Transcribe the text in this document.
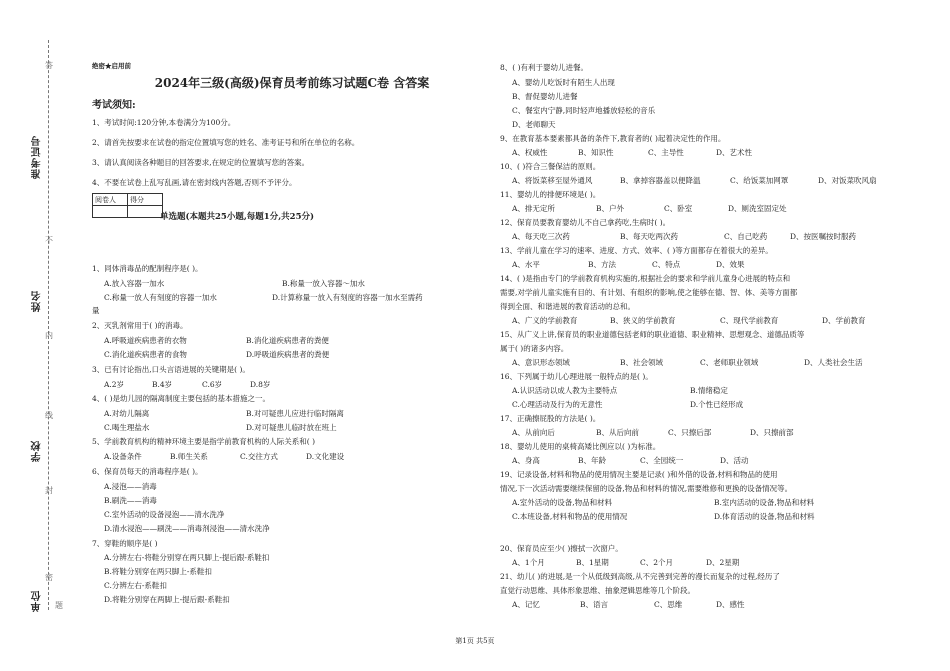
准考证号
姓名
学校
单位
答
不
内
线
封
密
题
绝密★启用前
2024年三级(高级)保育员考前练习试题C卷 含答案
考试须知:
1、考试时间:120分钟,本卷满分为100分。
2、请首先按要求在试卷的指定位置填写您的姓名、准考证号和所在单位的名称。
3、请认真阅读各种题目的回答要求,在规定的位置填写您的答案。
4、不要在试卷上乱写乱画,请在密封线内答题,否则不予评分。
阅卷人	得分

单选题(本题共25小题,每题1分,共25分)
1、同体消毒品的配制程序是( )。
A.放入容器一加水	B.称量一放入容器～加水
C.称量一放人有刻度的容器一加水	D.计算称量一放入有刻度的容器一加水至需药
量
2、灭乳剂常用于( )的消毒。
A.呼吸道疾病患者的衣物	B.消化道疾病患者的粪便
C.消化道疾病患者的食物	D.呼吸道疾病患者的粪便
3、已有讨论指出,口头言语进展的关键期是( )。
A.2岁	B.4岁	C.6岁	D.8岁
4、( )是幼儿园的隔离制度主要包括的基本措施之一。
A.对幼儿隔离	B.对可疑患儿应进行临时隔离
C.喝生理盐水	D.对可疑患儿临时放在班上
5、学前教育机构的精神环境主要是指学前教育机构的人际关系和( )
A.设备条件	B.师生关系	C.交往方式	D.文化建设
6、保育员每天的消毒程序是( )。
A.浸泡——消毒
B.刷洗——消毒
C.室外活动的设备浸泡——清水洗净
D.清水浸泡——刷洗——消毒剂浸泡——清水洗净
7、穿鞋的顺序是( )
A.分辨左右-将鞋分别穿在两只脚上-提后跟-系鞋扣
B.将鞋分别穿在两只脚上-系鞋扣
C.分辨左右-系鞋扣
D.将鞋分别穿在两脚上-提后跟-系鞋扣
8、( )有利于婴幼儿进餐。
A、婴幼儿吃饭时有陌生人出现
B、督促婴幼儿进餐
C、餐室内宁静,同时轻声地播放轻松的音乐
D、老师聊天
9、在教育基本要素都具备的条件下,教育者的( )起着决定性的作用。
A、权威性	B、知识性	C、主导性	D、艺术性
10、( )符合三餐保洁的原则。
A、将饭菜移至屋外通风	B、拿掉容器盖以便降温	C、给饭菜加网罩	D、对饭菜吹风扇
11、婴幼儿的排便环境是( )。
A、排无定所	B、户外	C、卧室	D、厕洗室固定处
12、保育员要教育婴幼儿不自己拿药吃,生病时( )。
A、每天吃三次药	B、每天吃两次药	C、自己吃药	D、按医嘱按时服药
13、学前儿童在学习的速率、进度、方式、效率、( )等方面都存在着很大的差异。
A、水平	B、方法	C、特点	D、效果
14、( )是指由专门的学前教育机构实施的,根据社会的要求和学前儿童身心进展的特点和
需要,对学前儿童实施有目的、有计划、有组织的影响,使之能够在德、智、体、美等方面都
得到全面、和谐进展的教育活动的总和。
A、广义的学前教育	B、狭义的学前教育	C、现代学前教育	D、学前教育
15、从广义上讲,保育员的职业道德包括老师的职业道德、职业精神、思想观念、道德品质等
属于( )的诸多内容。
A、意识形态领域	B、社会领域	C、老师职业领域	D、人类社会生活
16、下列属于幼儿心理进展一般特点的是( )。
A.认识活动以成人教为主要特点	B.情绪稳定
C.心理活动及行为的无意性	D.个性已经形成
17、正确擦屁股的方法是( )。
A、从前向后	B、从后向前	C、只擦后部	D、只擦前部
18、婴幼儿使用的桌椅高矮比例应以( )为标准。
A、身高	B、年龄	C、全园统一	D、活动
19、记录设备,材料和物品的使用情况主要是记录( )和外借的设备,材料和物品的使用
情况,下一次活动需要继续保留的设备,物品和材料的情况,需要维修和更换的设备情况等。
A.室外活动的设备,物品和材料	B.室内活动的设备,物品和材料
C.本班设备,材料和物品的使用情况	D.体育活动的设备,物品和材料
20、保育员应至少( )擦拭一次窗户。
A、1个月	B、1星期	C、2个月	D、2星期
21、幼儿( )的进展,是一个从低级到高级,从不完善到完善的漫长而复杂的过程,经历了
直觉行动思维、具体形象思维、抽象逻辑思维等几个阶段。
A、记忆	B、语言	C、思维	D、感性
第1页 共5页
